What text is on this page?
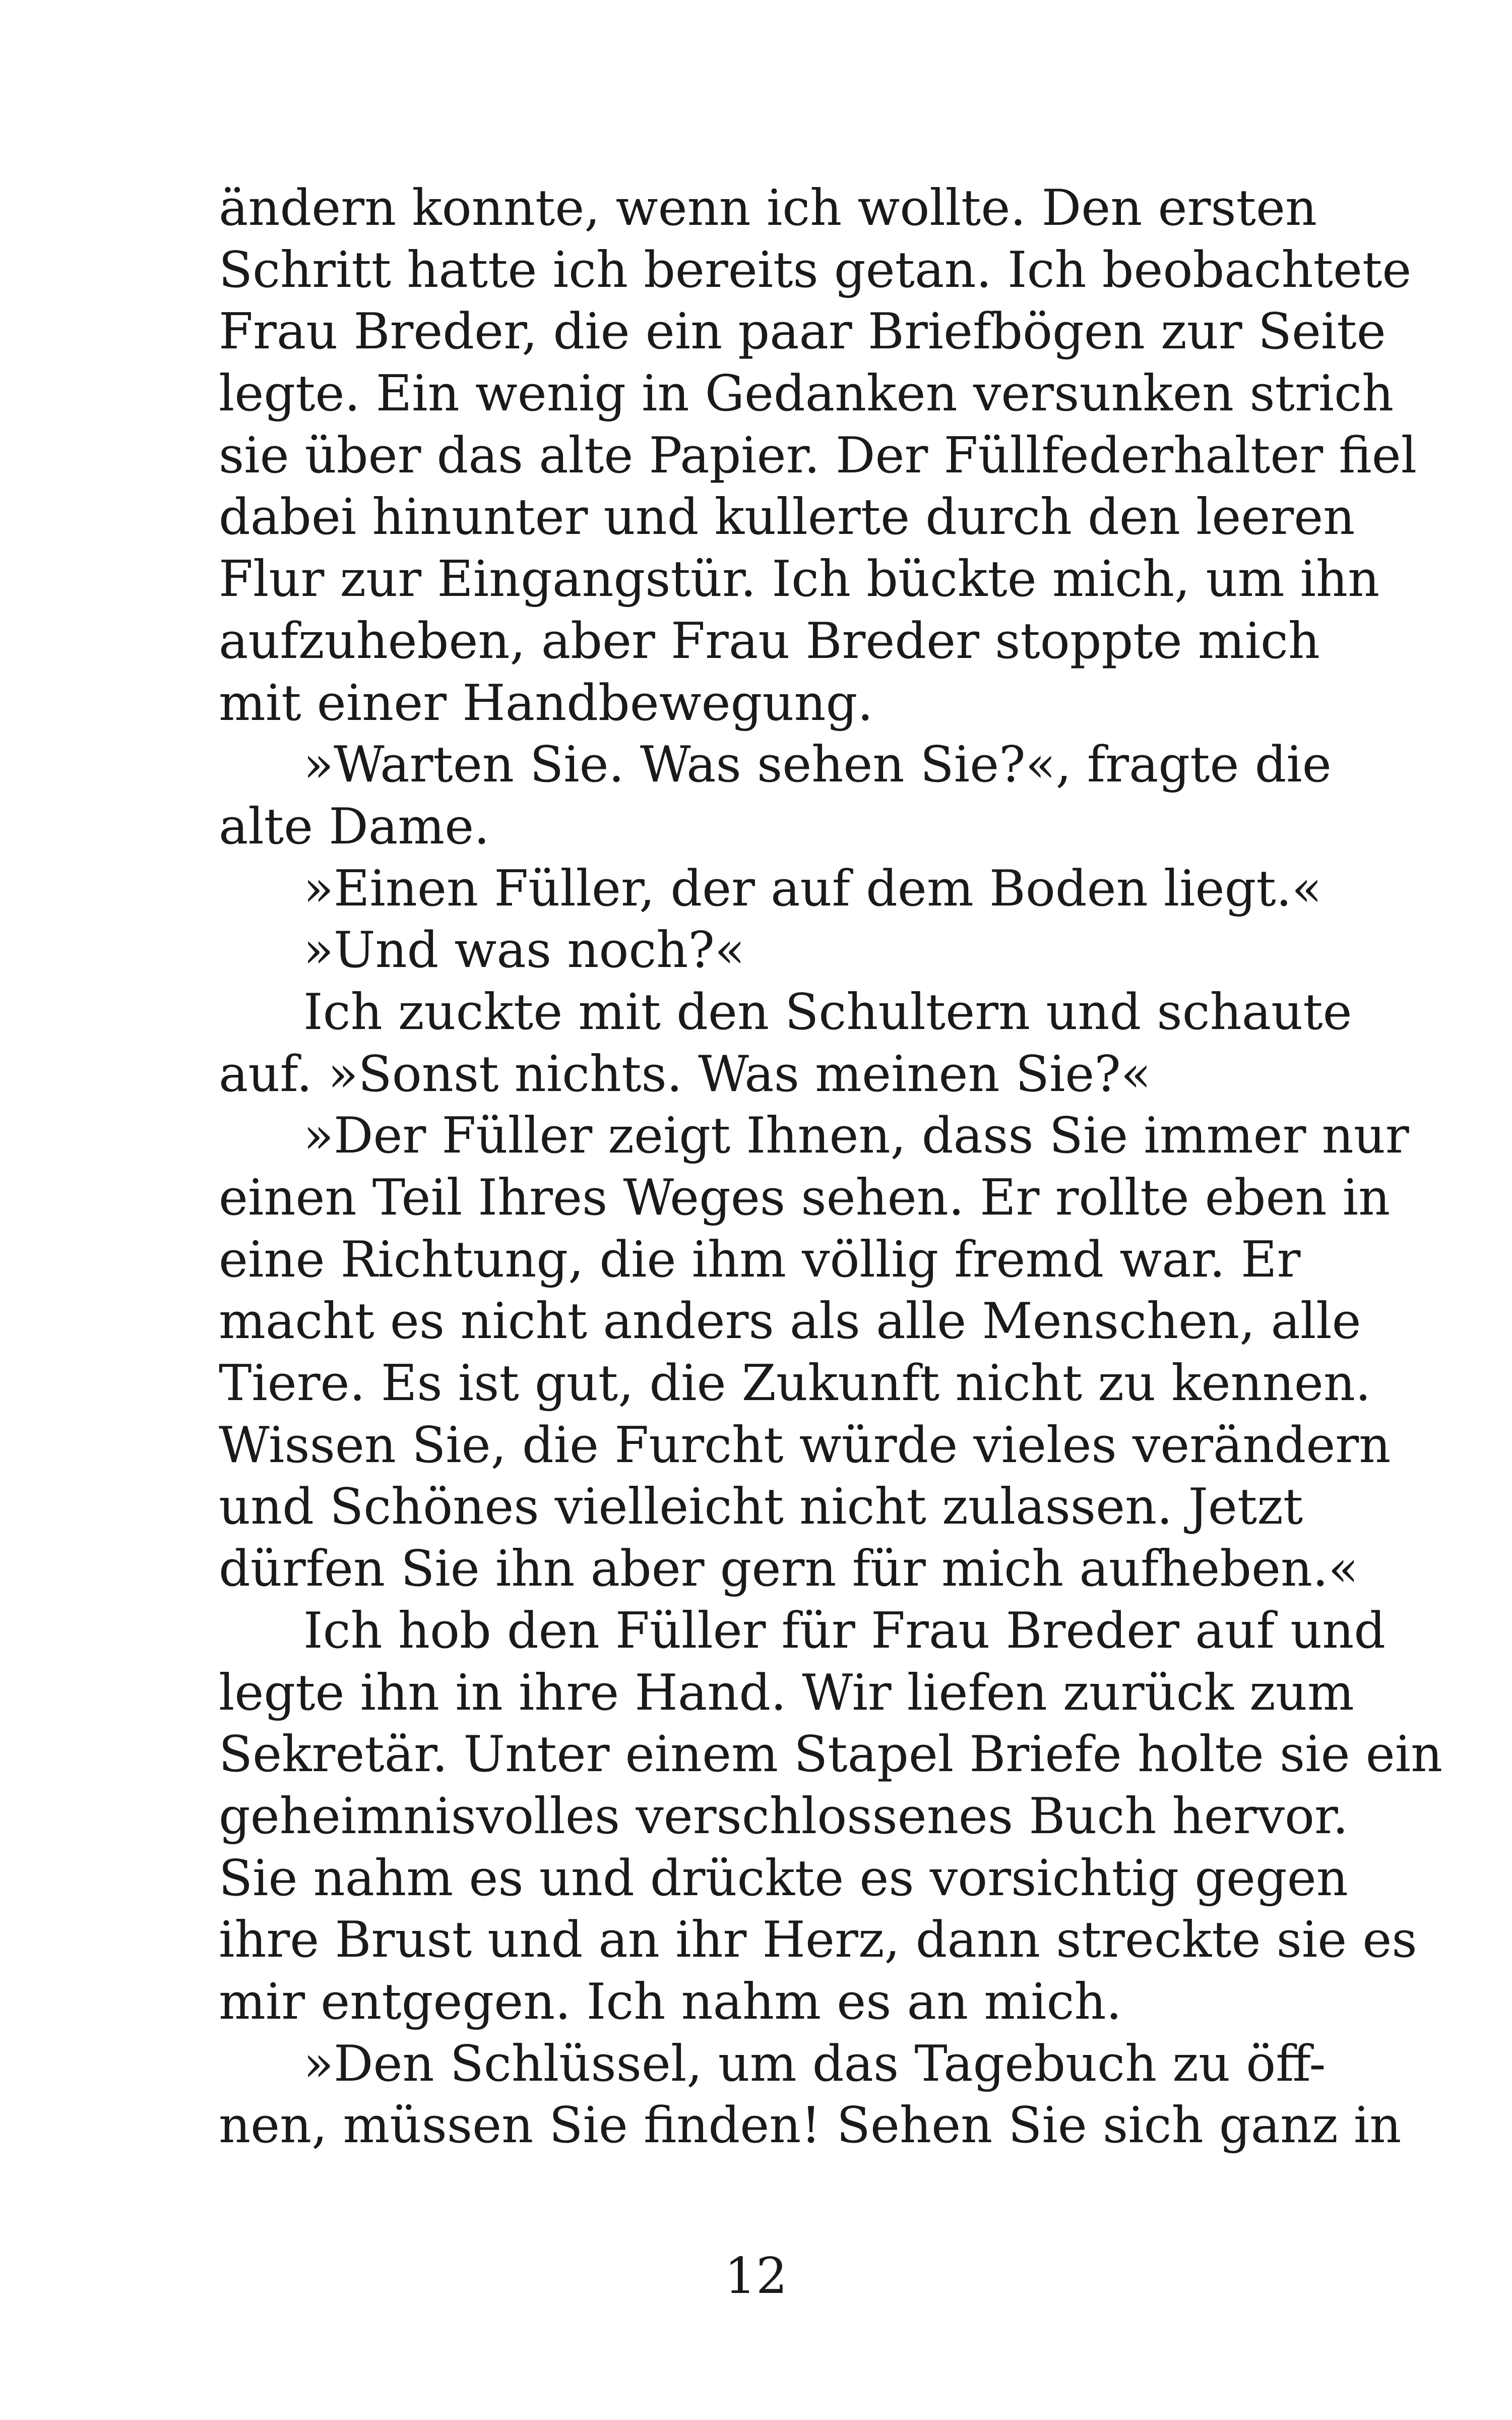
ändern konnte, wenn ich wollte. Den ersten
Schritt hatte ich bereits getan. Ich beobachtete
Frau Breder, die ein paar Briefbögen zur Seite
legte. Ein wenig in Gedanken versunken strich
sie über das alte Papier. Der Füllfederhalter fiel
dabei hinunter und kullerte durch den leeren
Flur zur Eingangstür. Ich bückte mich, um ihn
aufzuheben, aber Frau Breder stoppte mich
mit einer Handbewegung.
»Warten Sie. Was sehen Sie?«, fragte die
alte Dame.
»Einen Füller, der auf dem Boden liegt.«
»Und was noch?«
Ich zuckte mit den Schultern und schaute
auf. »Sonst nichts. Was meinen Sie?«
»Der Füller zeigt Ihnen, dass Sie immer nur
einen Teil Ihres Weges sehen. Er rollte eben in
eine Richtung, die ihm völlig fremd war. Er
macht es nicht anders als alle Menschen, alle
Tiere. Es ist gut, die Zukunft nicht zu kennen.
Wissen Sie, die Furcht würde vieles verändern
und Schönes vielleicht nicht zulassen. Jetzt
dürfen Sie ihn aber gern für mich aufheben.«
Ich hob den Füller für Frau Breder auf und
legte ihn in ihre Hand. Wir liefen zurück zum
Sekretär. Unter einem Stapel Briefe holte sie ein
geheimnisvolles verschlossenes Buch hervor.
Sie nahm es und drückte es vorsichtig gegen
ihre Brust und an ihr Herz, dann streckte sie es
mir entgegen. Ich nahm es an mich.
»Den Schlüssel, um das Tagebuch zu öff-
nen, müssen Sie finden! Sehen Sie sich ganz in
12
